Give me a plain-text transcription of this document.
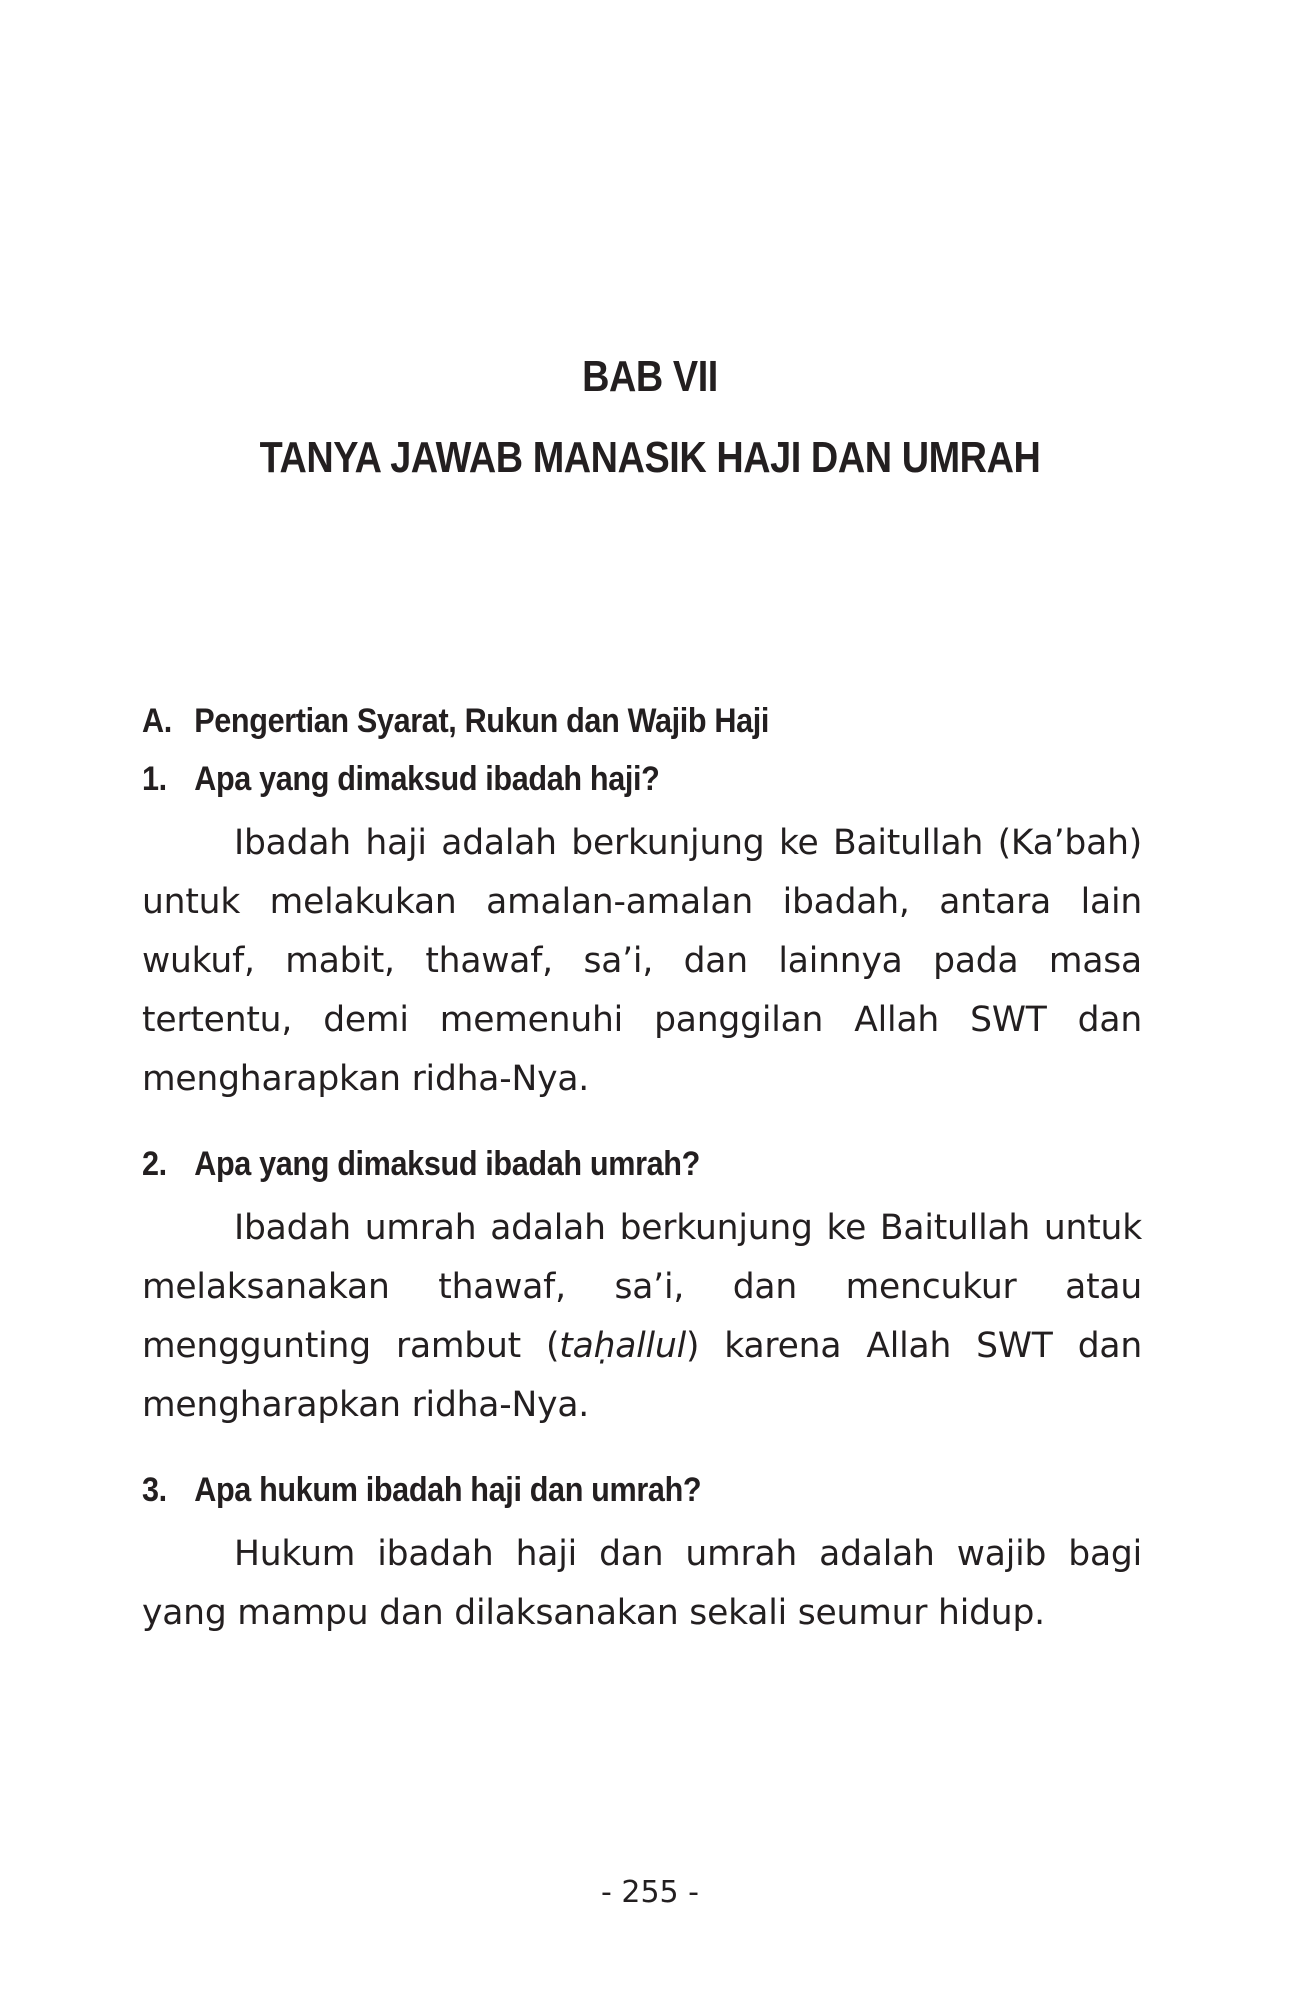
BAB VII
TANYA JAWAB MANASIK HAJI DAN UMRAH
A. Pengertian Syarat, Rukun dan Wajib Haji
1. Apa yang dimaksud ibadah haji?

Ibadah haji adalah berkunjung ke Baitullah (Ka’bah) untuk melakukan amalan-amalan ibadah, antara lain wukuf, mabit, thawaf, sa’i, dan lainnya pada masa tertentu, demi memenuhi panggilan Allah SWT dan mengharapkan ridha-Nya.

2. Apa yang dimaksud ibadah umrah?

Ibadah umrah adalah berkunjung ke Baitullah untuk melaksanakan thawaf, sa’i, dan mencukur atau menggunting rambut (taḥallul) karena Allah SWT dan mengharapkan ridha-Nya.

3. Apa hukum ibadah haji dan umrah?

Hukum ibadah haji dan umrah adalah wajib bagi yang mampu dan dilaksanakan sekali seumur hidup.

- 255 -
